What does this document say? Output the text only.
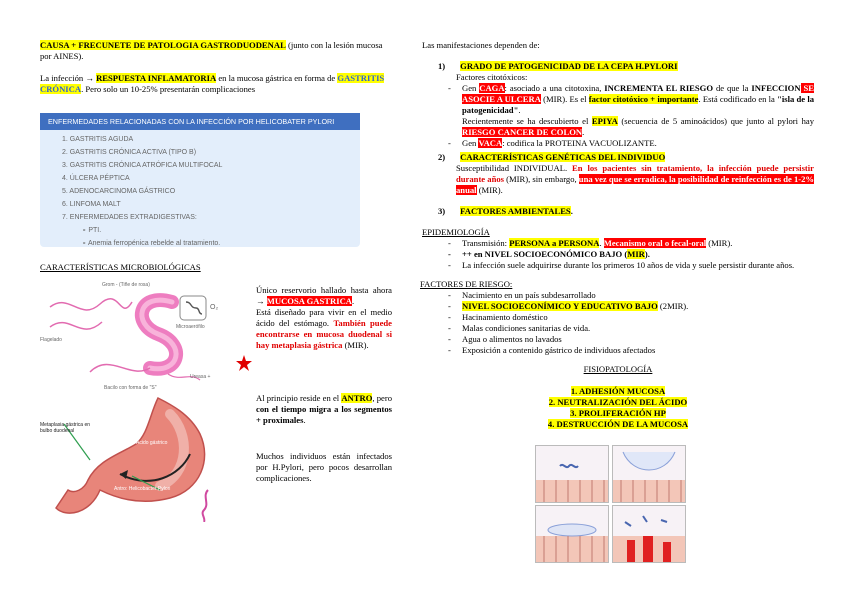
CAUSA + FRECUNETE DE PATOLOGIA GASTRODUODENAL (junto con la lesión mucosa por AINES).

La infección → RESPUESTA INFLAMATORIA en la mucosa gástrica en forma de GASTRITIS CRÓNICA. Pero solo un 10-25% presentarán complicaciones

ENFERMEDADES RELACIONADAS CON LA INFECCIÓN POR HELICOBATER PYLORI
1. GASTRITIS AGUDA
2. GASTRITIS CRÓNICA ACTIVA (TIPO B)
3. GASTRITIS CRÓNICA ATRÓFICA MULTIFOCAL
4. ÚLCERA PÉPTICA
5. ADENOCARCINOMA GÁSTRICO
6. LINFOMA MALT
7. ENFERMEDADES EXTRADIGESTIVAS:
∘ PTI.
∘ Anemia ferropénica rebelde al tratamiento.

CARACTERÍSTICAS MICROBIOLÓGICAS

Grom - (Tiñe de rosa)
Flagelado
O₂
Microaerófilo
Ureasa +
Bacilo con forma de "S"
Metaplasia gástrica en bulbo duodenal
Ácido gástrico
Antro: Helicobacter Pylori
Único reservorio hallado hasta ahora → MUCOSA GASTRICA.
Está diseñado para vivir en el medio ácido del estómago. También puede encontrarse en mucosa duodenal si hay metaplasia gástrica (MIR).
Al principio reside en el ANTRO, pero con el tiempo migra a los segmentos + proximales.

Muchos individuos están infectados por H.Pylori, pero pocos desarrollan complicaciones.

Las manifestaciones dependen de:

1) GRADO DE PATOGENICIDAD DE LA CEPA H.PYLORI

Factores citotóxicos:

- Gen CAGA: asociado a una citotoxina, INCREMENTA EL RIESGO de que la INFECCION SE ASOCIE A ULCERA (MIR). Es el factor citotóxico + importante. Está codificado en la "isla de la patogenicidad".
Recientemente se ha descubierto el EPIYA (secuencia de 5 aminoácidos) que junto al pylori hay RIESGO CANCER DE COLON.
- Gen VACA: codifica la PROTEINA VACUOLIZANTE.

2) CARACTERÍSTICAS GENÉTICAS DEL INDIVIDUO

Susceptibilidad INDIVIDUAL. En los pacientes sin tratamiento, la infección puede persistir durante años (MIR), sin embargo, una vez que se erradica, la posibilidad de reinfección es de 1-2% anual (MIR).

3) FACTORES AMBIENTALES.

EPIDEMIOLOGÍA

- Transmisión: PERSONA a PERSONA. Mecanismo oral o fecal-oral (MIR).
- ++ en NIVEL SOCIOECONÓMICO BAJO (MIR).
- La infección suele adquirirse durante los primeros 10 años de vida y suele persistir durante años.

FACTORES DE RIESGO:

- Nacimiento en un país subdesarrollado
- NIVEL SOCIOECONÍMICO Y EDUCATIVO BAJO (2MIR).
- Hacinamiento doméstico
- Malas condiciones sanitarias de vida.
- Agua o alimentos no lavados
- Exposición a contenido gástrico de individuos afectados

FISIOPATOLOGÍA

1. ADHESIÓN MUCOSA
2. NEUTRALIZACIÓN DEL ÁCIDO
3. PROLIFERACIÓN HP
4. DESTRUCCIÓN DE LA MUCOSA
